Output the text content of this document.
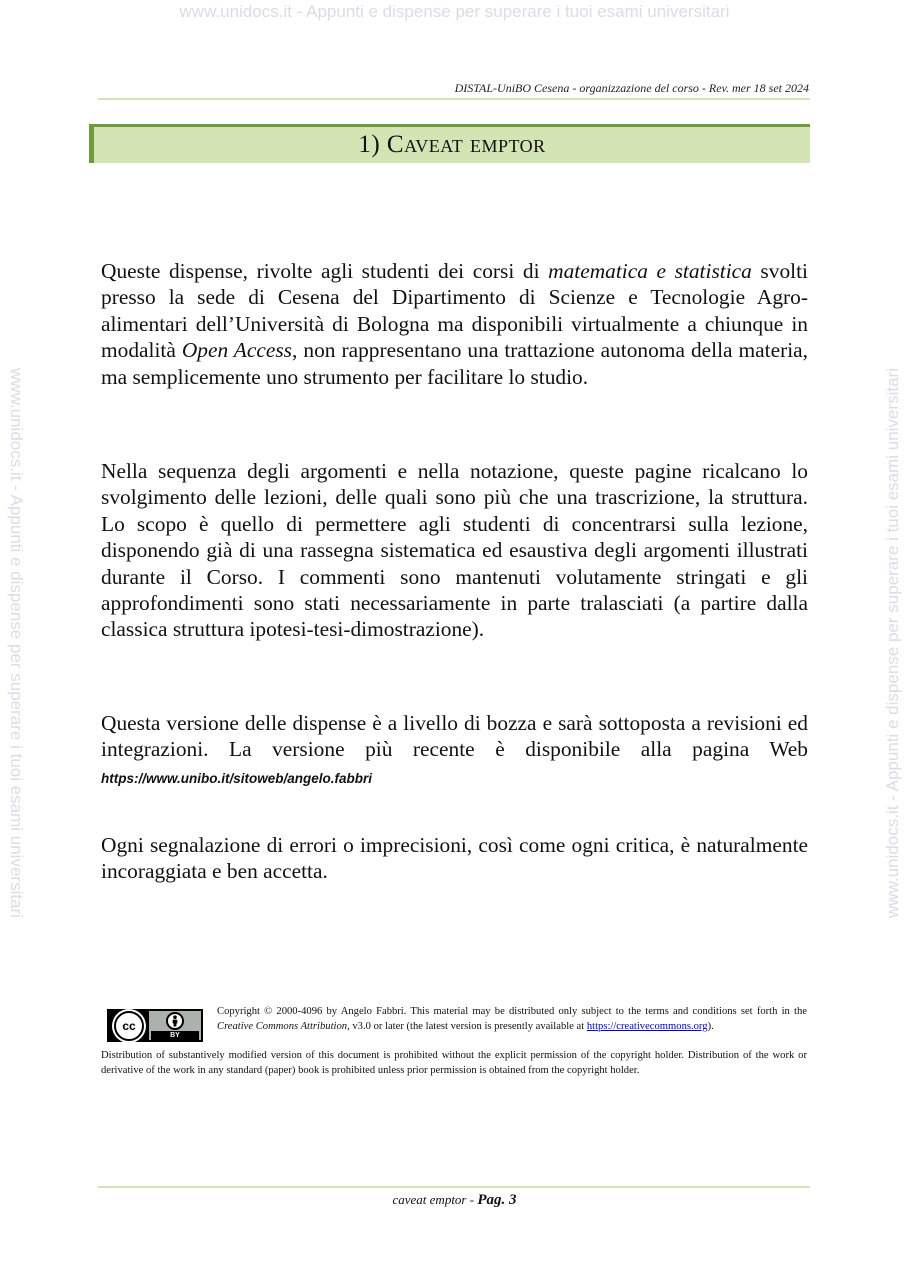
www.unidocs.it - Appunti e dispense per superare i tuoi esami universitari
www.unidocs.it - Appunti e dispense per superare i tuoi esami universitari	www.unidocs.it - Appunti e dispense per superare i tuoi esami universitari
DISTAL-UniBO Cesena - organizzazione del corso - Rev. mer 18 set 2024
1) Caveat emptor
Queste dispense, rivolte agli studenti dei corsi di matematica e statistica svolti presso la sede di Cesena del Dipartimento di Scienze e Tecnologie Agro-alimentari dell’Università di Bologna ma disponibili virtualmente a chiunque in modalità Open Access, non rappresentano una trattazione autonoma della materia, ma semplicemente uno strumento per facilitare lo studio.
Nella sequenza degli argomenti e nella notazione, queste pagine ricalcano lo svolgimento delle lezioni, delle quali sono più che una trascrizione, la struttura. Lo scopo è quello di permettere agli studenti di concentrarsi sulla lezione, disponendo già di una rassegna sistematica ed esaustiva degli argomenti illustrati durante il Corso. I commenti sono mantenuti volutamente stringati e gli approfondimenti sono stati necessariamente in parte tralasciati (a partire dalla classica struttura ipotesi-tesi-dimostrazione).
Questa versione delle dispense è a livello di bozza e sarà sottoposta a revisioni ed integrazioni. La versione più recente è disponibile alla pagina Web https://www.unibo.it/sitoweb/angelo.fabbri
Ogni segnalazione di errori o imprecisioni, così come ogni critica, è naturalmente incoraggiata e ben accetta.
cc
BY
Copyright © 2000-4096 by Angelo Fabbri. This material may be distributed only subject to the terms and conditions set forth in the Creative Commons Attribution, v3.0 or later (the latest version is presently available at https://creativecommons.org).
Distribution of substantively modified version of this document is prohibited without the explicit permission of the copyright holder. Distribution of the work or derivative of the work in any standard (paper) book is prohibited unless prior permission is obtained from the copyright holder.
caveat emptor - Pag. 3
